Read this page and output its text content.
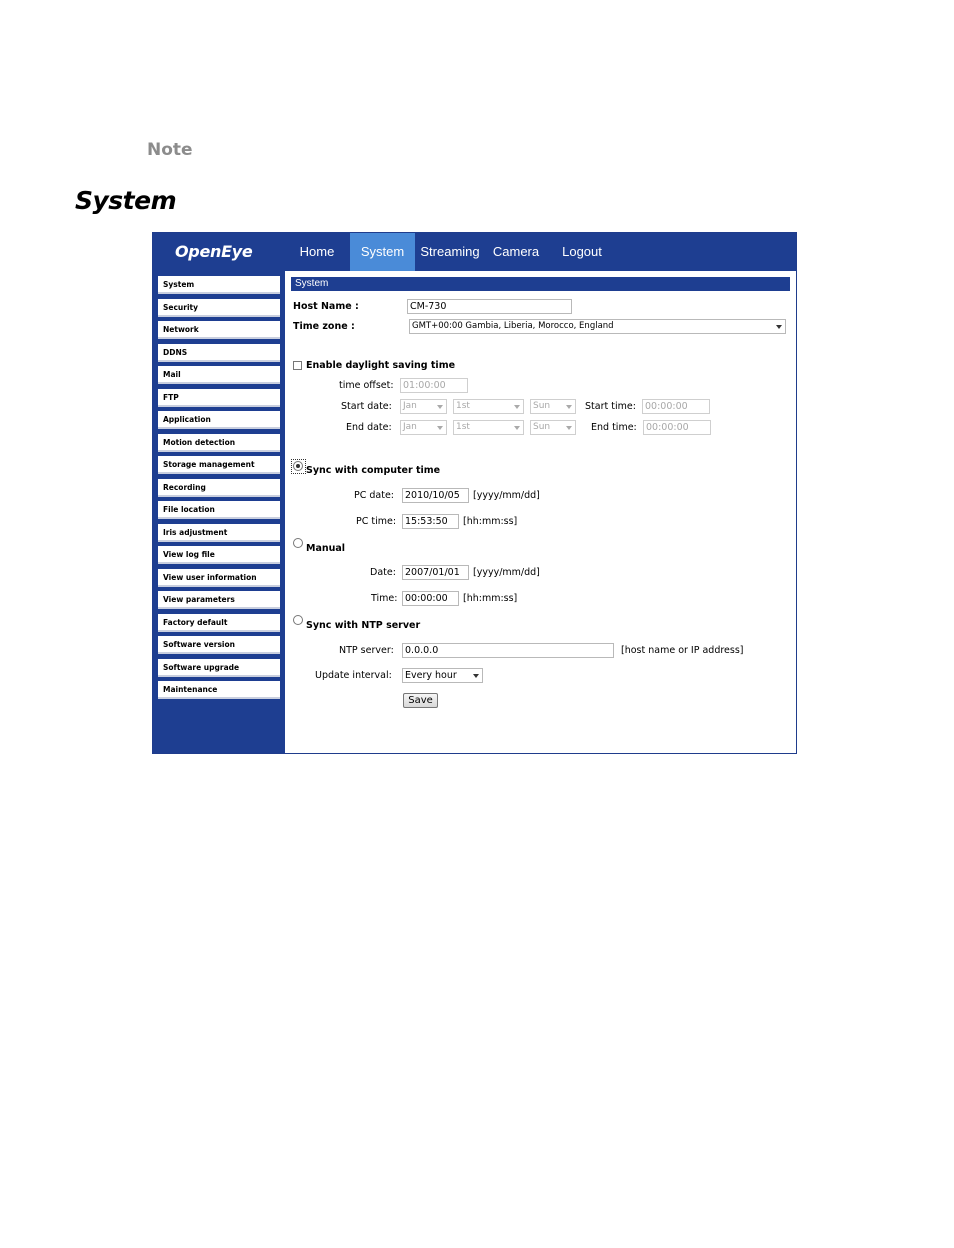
Note
System
OpenEye	Home	System	Streaming	Camera	Logout
System
Security
Network
DDNS
Mail
FTP
Application
Motion detection
Storage management
Recording
File location
Iris adjustment
View log file
View user information
View parameters
Factory default
Software version
Software upgrade
Maintenance
System
Host Name :	CM-730
Time zone :	GMT+00:00 Gambia, Liberia, Morocco, England
Enable daylight saving time
time offset: 01:00:00
Start date:	Jan	1st	Sun	Start time: 00:00:00
End date:	Jan	1st	Sun	End time: 00:00:00
Sync with computer time
PC date:	2010/10/05	[yyyy/mm/dd]
PC time: 15:53:50	[hh:mm:ss]
Manual
Date: 2007/01/01	[yyyy/mm/dd]
Time: 00:00:00	[hh:mm:ss]
Sync with NTP server
NTP server:	0.0.0.0	[host name or IP address]
Update interval:	Every hour
Save
